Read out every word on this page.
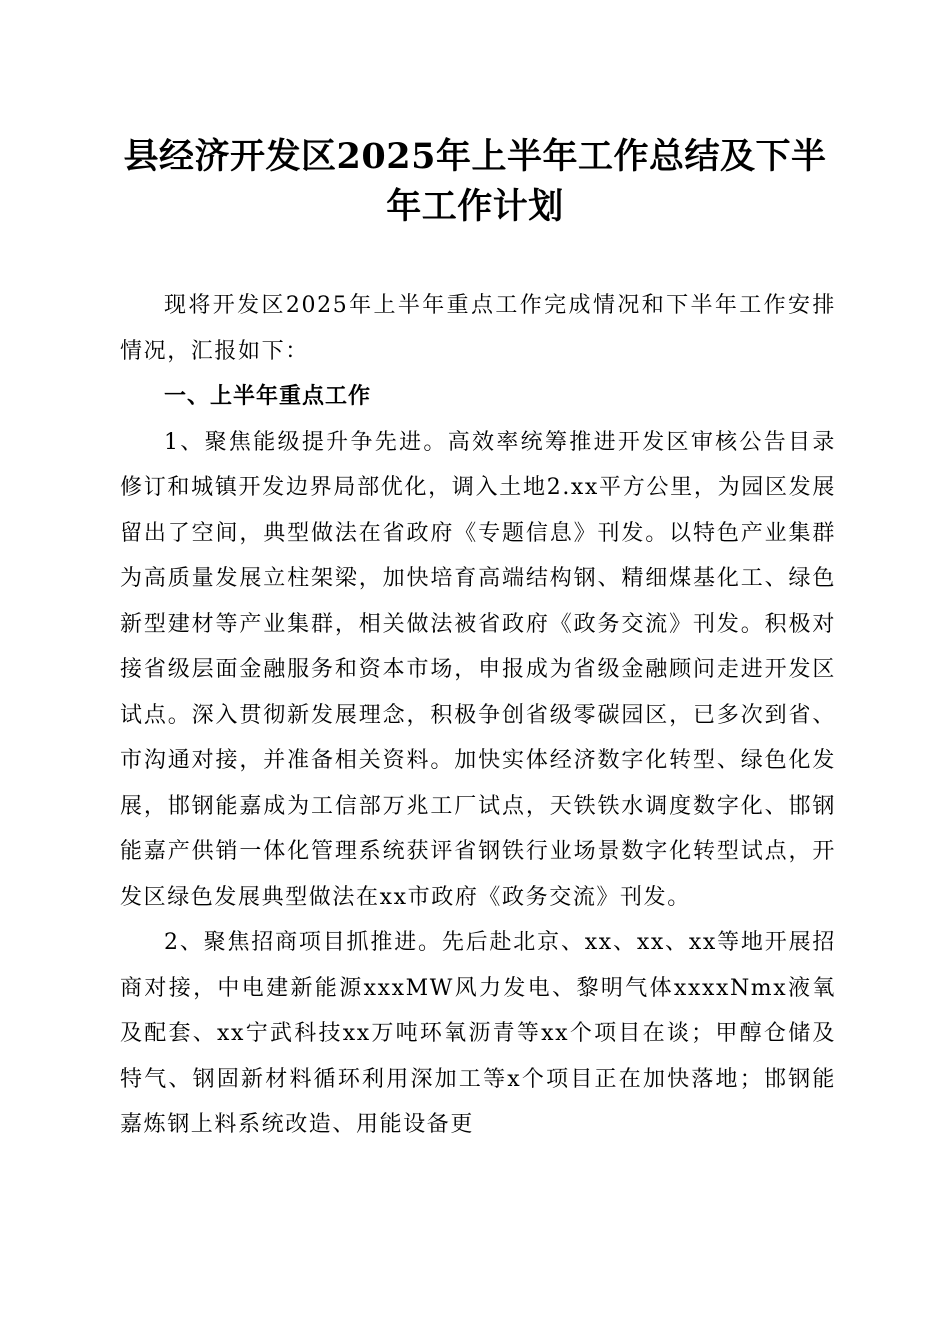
县经济开发区2025年上半年工作总结及下半
年工作计划

现将开发区2025年上半年重点工作完成情况和下半年工作安排情况，汇报如下：

一、上半年重点工作

1、聚焦能级提升争先进。高效率统筹推进开发区审核公告目录修订和城镇开发边界局部优化，调入土地2.xx平方公里，为园区发展留出了空间，典型做法在省政府《专题信息》刊发。以特色产业集群为高质量发展立柱架梁，加快培育高端结构钢、精细煤基化工、绿色新型建材等产业集群，相关做法被省政府《政务交流》刊发。积极对接省级层面金融服务和资本市场，申报成为省级金融顾问走进开发区试点。深入贯彻新发展理念，积极争创省级零碳园区，已多次到省、市沟通对接，并准备相关资料。加快实体经济数字化转型、绿色化发展，邯钢能嘉成为工信部万兆工厂试点，天铁铁水调度数字化、邯钢能嘉产供销一体化管理系统获评省钢铁行业场景数字化转型试点，开发区绿色发展典型做法在xx市政府《政务交流》刊发。

2、聚焦招商项目抓推进。先后赴北京、xx、xx、xx等地开展招商对接，中电建新能源xxxMW风力发电、黎明气体xxxxNmx液氧及配套、xx宁武科技xx万吨环氧沥青等xx个项目在谈；甲醇仓储及特气、钢固新材料循环利用深加工等x个项目正在加快落地；邯钢能嘉炼钢上料系统改造、用能设备更
